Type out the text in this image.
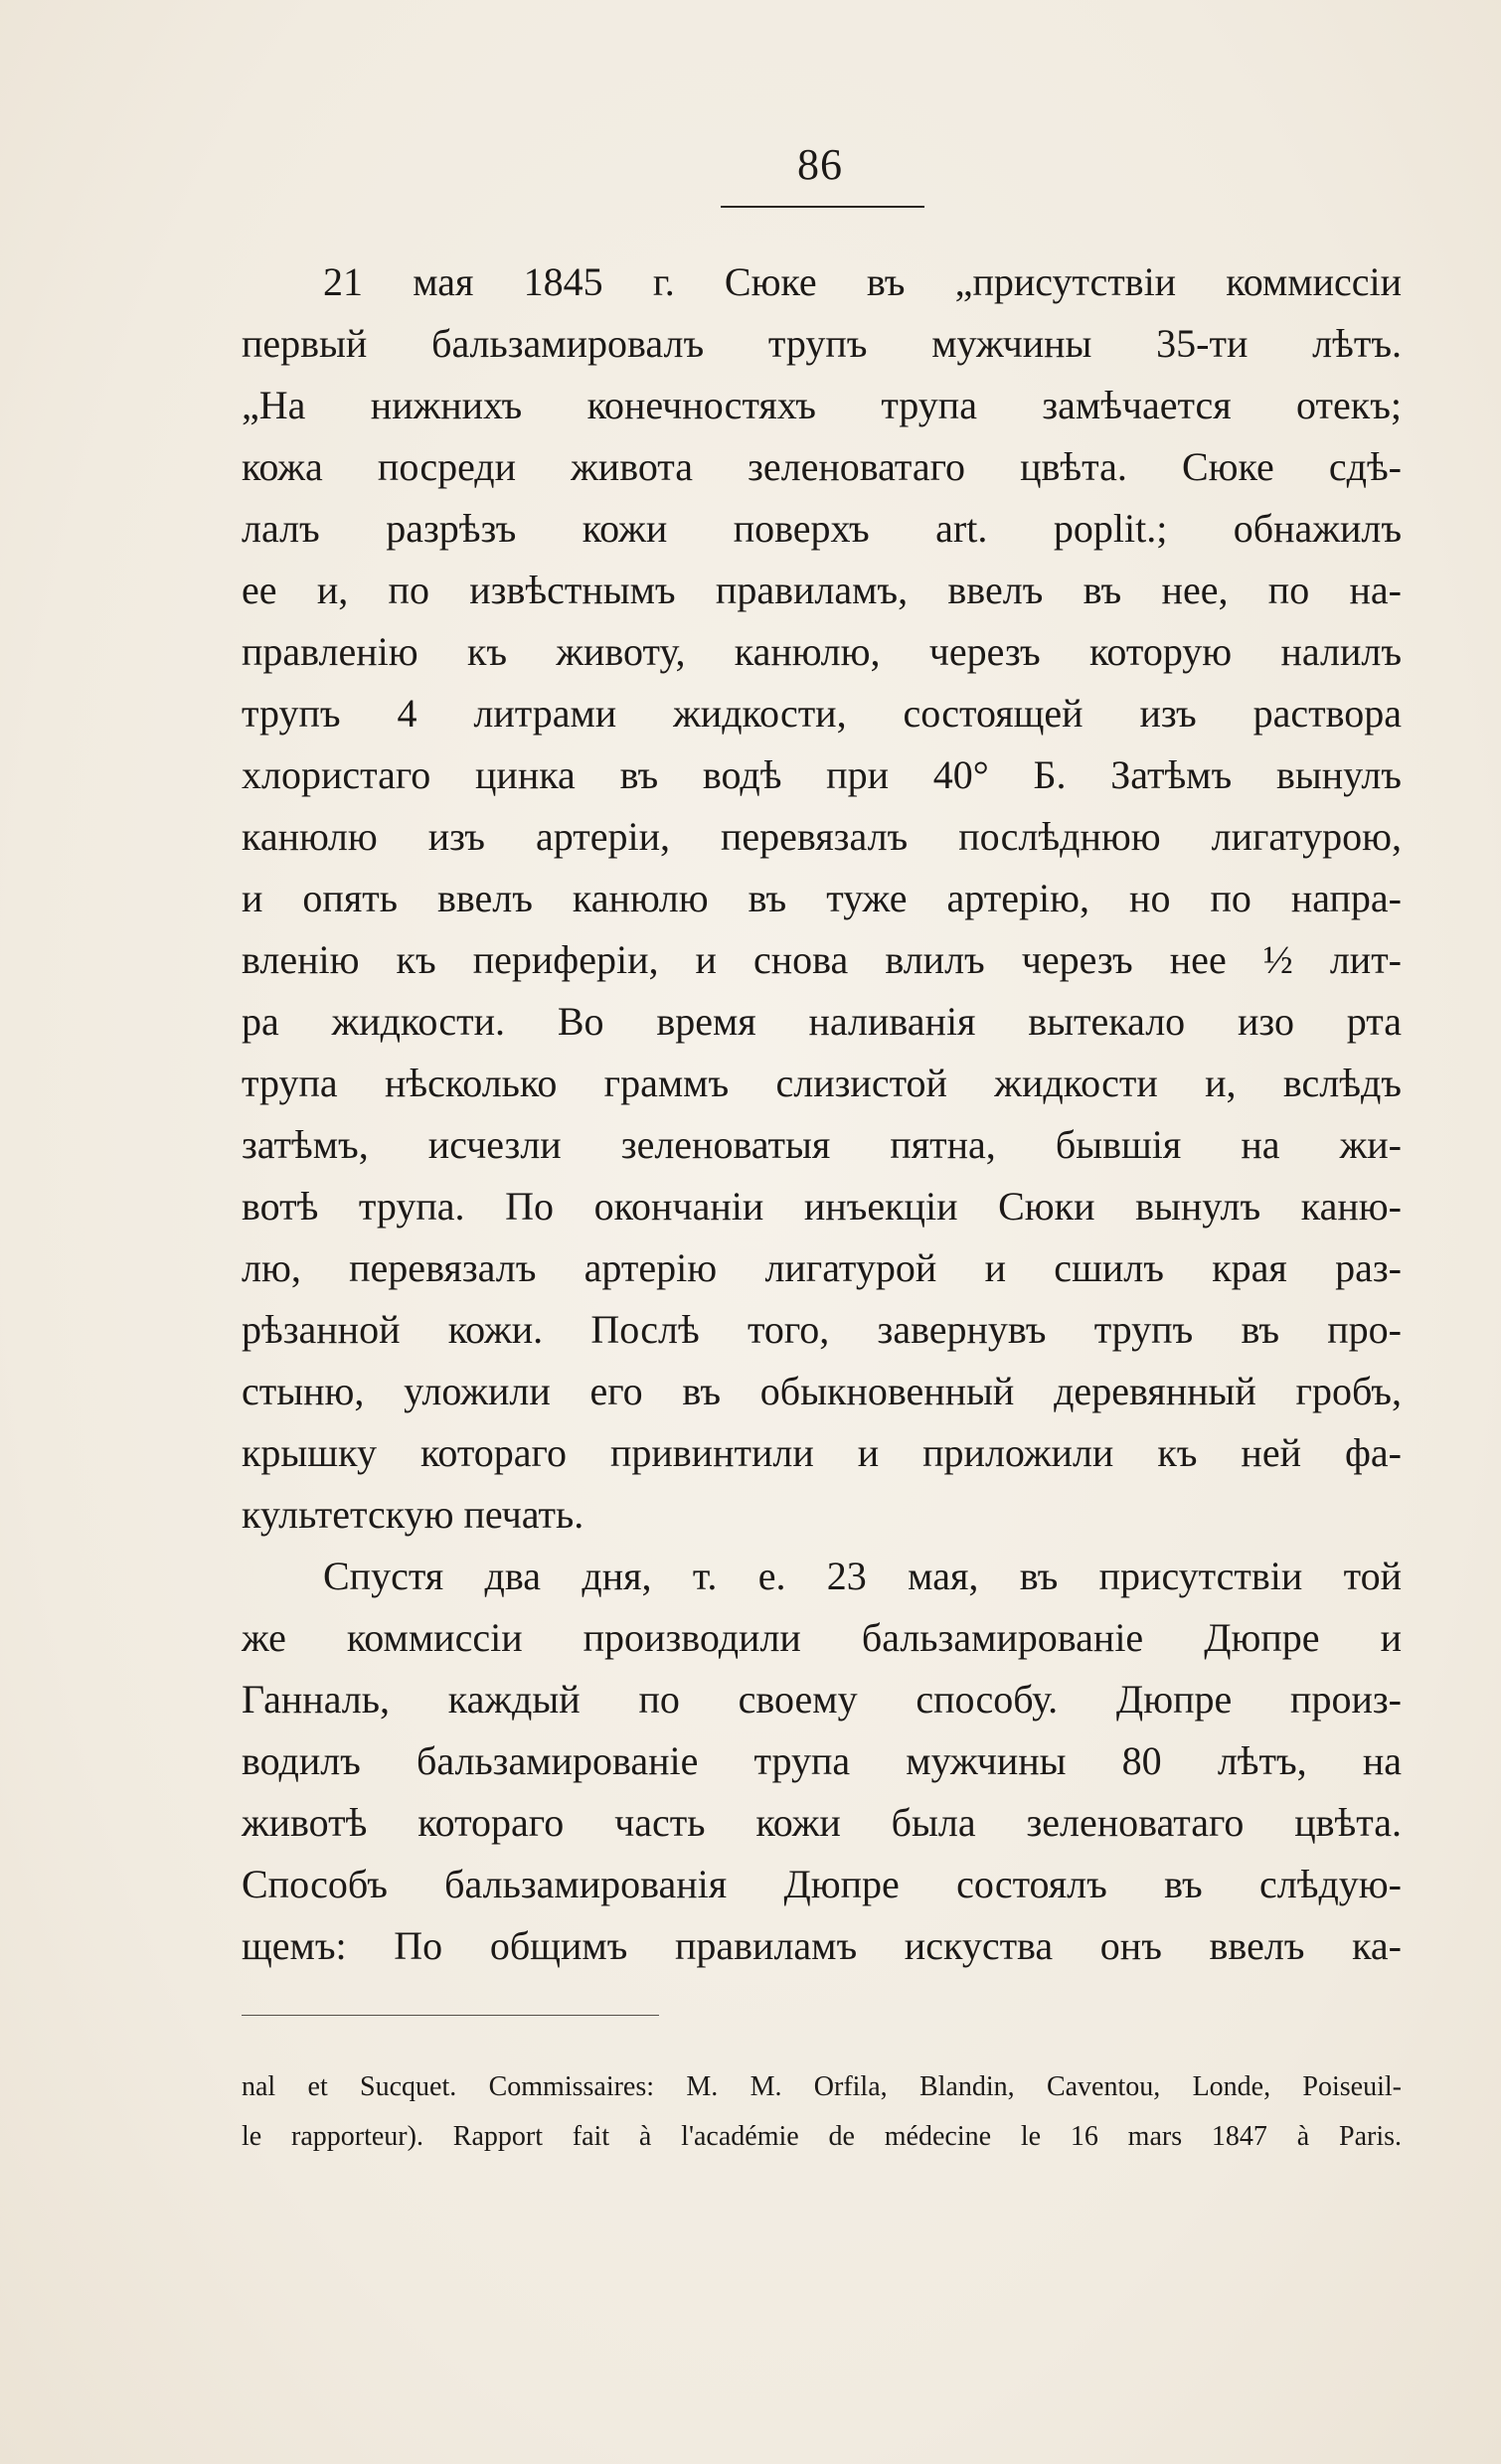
86
21 мая 1845 г. Сюке въ „присутствіи коммиссіи
первый бальзамировалъ трупъ мужчины 35-ти лѣтъ.
„На нижнихъ конечностяхъ трупа замѣчается отекъ;
кожа посреди живота зеленоватаго цвѣта. Сюке сдѣ-
лалъ разрѣзъ кожи поверхъ art. poplit.; обнажилъ
ее и, по извѣстнымъ правиламъ, ввелъ въ нее, по на-
правленію къ животу, канюлю, черезъ которую налилъ
трупъ 4 литрами жидкости, состоящей изъ раствора
хлористаго цинка въ водѣ при 40° Б. Затѣмъ вынулъ
канюлю изъ артеріи, перевязалъ послѣднюю лигатурою,
и опять ввелъ канюлю въ туже артерію, но по напра-
вленію къ периферіи, и снова влилъ черезъ нее ½ лит-
ра жидкости. Во время наливанія вытекало изо рта
трупа нѣсколько граммъ слизистой жидкости и, вслѣдъ
затѣмъ, исчезли зеленоватыя пятна, бывшія на жи-
вотѣ трупа. По окончаніи инъекціи Сюки вынулъ каню-
лю, перевязалъ артерію лигатурой и сшилъ края раз-
рѣзанной кожи. Послѣ того, завернувъ трупъ въ про-
стыню, уложили его въ обыкновенный деревянный гробъ,
крышку котораго привинтили и приложили къ ней фа-
культетскую печать.
Спустя два дня, т. е. 23 мая, въ присутствіи той
же коммиссіи производили бальзамированіе Дюпре и
Ганналь, каждый по своему способу. Дюпре произ-
водилъ бальзамированіе трупа мужчины 80 лѣтъ, на
животѣ котораго часть кожи была зеленоватаго цвѣта.
Способъ бальзамированія Дюпре состоялъ въ слѣдую-
щемъ: По общимъ правиламъ искуства онъ ввелъ ка-
nal et Sucquet. Commissaires: M. M. Orfila, Blandin, Caventou, Londe, Poiseuil-
le rapporteur). Rapport fait à l'académie de médecine le 16 mars 1847 à Paris.
